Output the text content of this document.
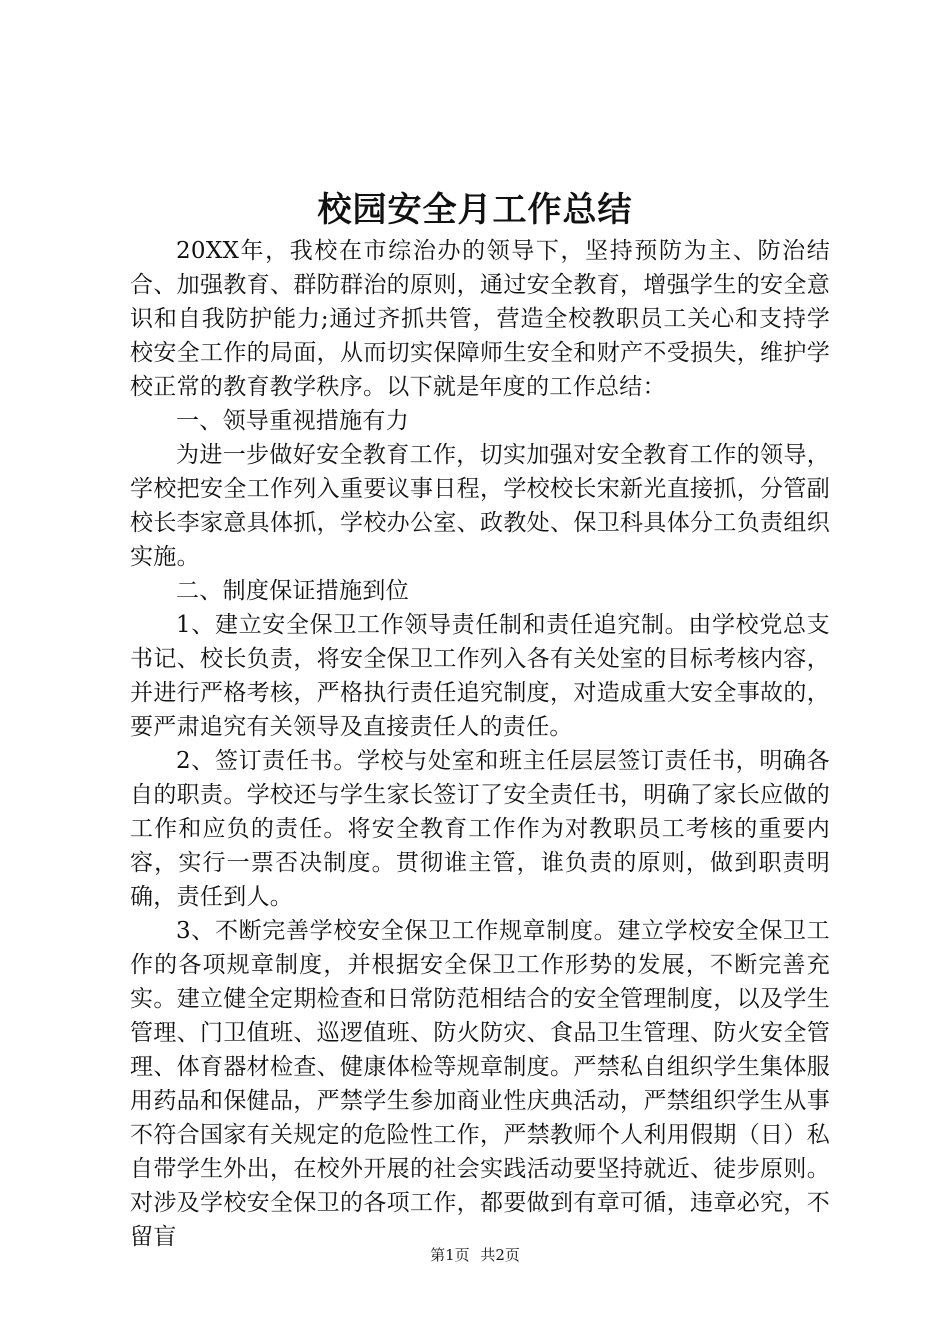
校园安全月工作总结

20XX年，我校在市综治办的领导下，坚持预防为主、防治结合、加强教育、群防群治的原则，通过安全教育，增强学生的安全意识和自我防护能力;通过齐抓共管，营造全校教职员工关心和支持学校安全工作的局面，从而切实保障师生安全和财产不受损失，维护学校正常的教育教学秩序。以下就是年度的工作总结：

一、领导重视措施有力

为进一步做好安全教育工作，切实加强对安全教育工作的领导，学校把安全工作列入重要议事日程，学校校长宋新光直接抓，分管副校长李家意具体抓，学校办公室、政教处、保卫科具体分工负责组织实施。

二、制度保证措施到位

1、建立安全保卫工作领导责任制和责任追究制。由学校党总支书记、校长负责，将安全保卫工作列入各有关处室的目标考核内容，并进行严格考核，严格执行责任追究制度，对造成重大安全事故的，要严肃追究有关领导及直接责任人的责任。

2、签订责任书。学校与处室和班主任层层签订责任书，明确各自的职责。学校还与学生家长签订了安全责任书，明确了家长应做的工作和应负的责任。将安全教育工作作为对教职员工考核的重要内容，实行一票否决制度。贯彻谁主管，谁负责的原则，做到职责明确，责任到人。

3、不断完善学校安全保卫工作规章制度。建立学校安全保卫工作的各项规章制度，并根据安全保卫工作形势的发展，不断完善充实。建立健全定期检查和日常防范相结合的安全管理制度，以及学生管理、门卫值班、巡逻值班、防火防灾、食品卫生管理、防火安全管理、体育器材检查、健康体检等规章制度。严禁私自组织学生集体服用药品和保健品，严禁学生参加商业性庆典活动，严禁组织学生从事不符合国家有关规定的危险性工作，严禁教师个人利用假期（日）私自带学生外出，在校外开展的社会实践活动要坚持就近、徒步原则。对涉及学校安全保卫的各项工作，都要做到有章可循，违章必究，不留盲

第1页 共2页
